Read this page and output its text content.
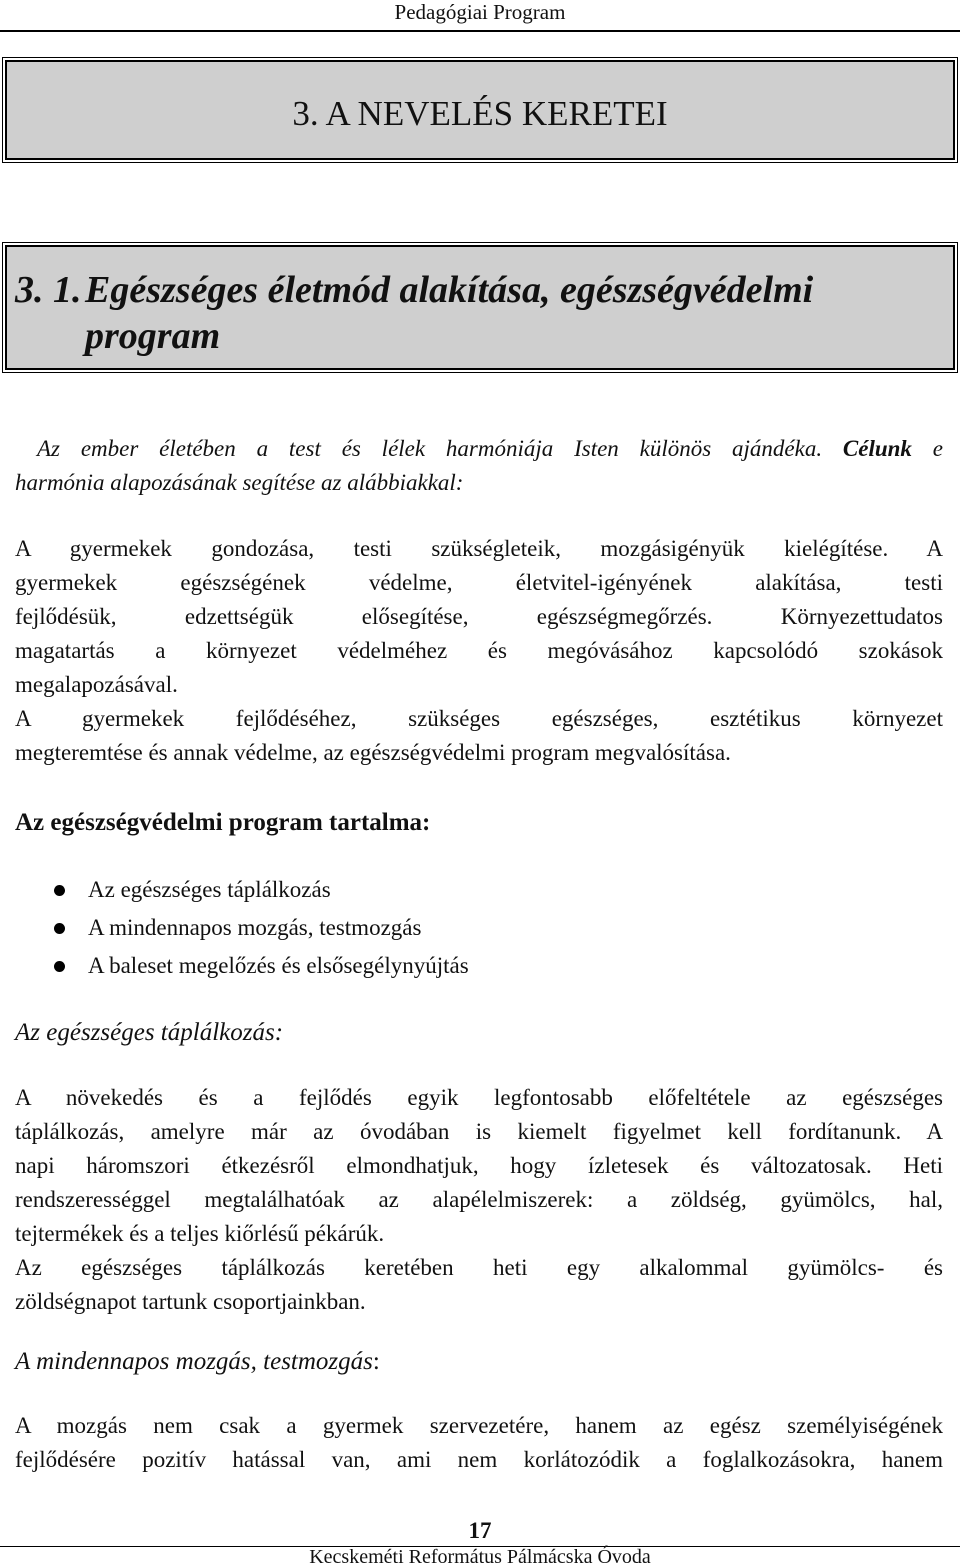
Pedagógiai Program
3. A NEVELÉS KERETEI
3. 1.Egészséges életmód alakítása, egészségvédelmi
program
Az ember életében a test és lélek harmóniája Isten különös ajándéka. Célunk e
harmónia alapozásának segítése az alábbiakkal:
A gyermekek gondozása, testi szükségleteik, mozgásigényük kielégítése. A
gyermekek egészségének védelme, életvitel-igényének alakítása, testi
fejlődésük, edzettségük elősegítése, egészségmegőrzés. Környezettudatos
magatartás a környezet védelméhez és megóvásához kapcsolódó szokások
megalapozásával.
A gyermekek fejlődéséhez, szükséges egészséges, esztétikus környezet
megteremtése és annak védelme, az egészségvédelmi program megvalósítása.
Az egészségvédelmi program tartalma:
Az egészséges táplálkozás
A mindennapos mozgás, testmozgás
A baleset megelőzés és elsősegélynyújtás
Az egészséges táplálkozás:
A növekedés és a fejlődés egyik legfontosabb előfeltétele az egészséges
táplálkozás, amelyre már az óvodában is kiemelt figyelmet kell fordítanunk. A
napi háromszori étkezésről elmondhatjuk, hogy ízletesek és változatosak. Heti
rendszerességgel megtalálhatóak az alapélelmiszerek: a zöldség, gyümölcs, hal,
tejtermékek és a teljes kiőrlésű pékárúk.
Az egészséges táplálkozás keretében heti egy alkalommal gyümölcs- és
zöldségnapot tartunk csoportjainkban.
A mindennapos mozgás, testmozgás:
A mozgás nem csak a gyermek szervezetére, hanem az egész személyiségének
fejlődésére pozitív hatással van, ami nem korlátozódik a foglalkozásokra, hanem
17
Kecskeméti Református Pálmácska Óvoda
